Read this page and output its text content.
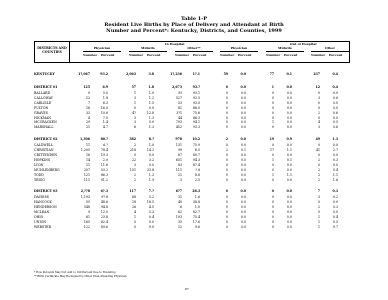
Table 1-P
Resident Live Births by Place of Delivery and Attendant at Birth
Number and Percent*: Kentucky, Districts, and Counties, 1999
DISTRICTS AND COUNTIES
In Hospital	Out of Hospital
Physician	Midwife	Other**	Physician	Midwife	Other
Number Percent	Number Percent	Number Percent	Number Percent	Number Percent	Number Percent
KENTUCKY	1?,067	93.2	2,063	3.8	1?,236	1?.1	59	0.0	77	0.1	237	0.4
DISTRICT 01	125	6.9	57	1.8	2,673	93.?	0	0.0	1	0.0	12	0.4
BALLARD	0	5.0	1	1.0	93	93.1	0	0.0	0	0.0	0	0.0
CALLOWAY	12	1.8	3	1.2	527	93.5	0	0.0	0	0.0	3	0.6
CARLISLE	7	6.3	1	1.5	53	93.0	0	0.0	0	0.0	0	0.0
FULTON	16	16.0	0	0.0	81	88.0	0	0.0	0	0.0	0	0.0
GRAVES	33	10.6	4?	12.8	3?1	75.6	0	0.0	0	0.0	2	0.6
HICKMAN	4	7.0	3	1.3	44	86.3	0	0.0	0	0.0	0	0.0
MCCRACKEN	29	1.4	3	0.0	793	94.1	0	0.0	1	0.0	4	0.5
MARSHALL	21	4.7	6	1.3	452	93.3	0	0.0	0	0.0	3	0.6
DISTRICT 02	1,306	80.?	382	8.?	978	10.2	2	0.0	19	0.9	49	1.3
CALDWELL	11	6.?	2	1.0	131	75.9	0	0.0	0	0.0	0	0.0
CHRISTIAN	1,205	78.4	218	14.2	99	6.5	2	0.1	17	1.1	41	2.7
CRITTENDEN	16	19.3	0	0.0	67	80.7	0	0.0	0	0.0	0	0.0
HOPKINS	14	2.0	22	3.2	651	94.3	0	0.0	1	0.1	2	0.3
LYON	11	11.6	3	0.0	83	87.4	0	0.0	0	0.0	0	0.0
MUHLENBERG	207	53.2	151	33.8	111	?.8	0	0.0	0	0.0	2	0.4
TODD	121	86.3	2	1.3	21	8.8	0	0.0	1	1.1	2	1.1
TRIGG	111	91.2	2	1.9	3	2.5	0	0.0	0	0.0	2	1.6
DISTRICT 03	2,??8	6?.3	117	7.?	6?7	28.3	0	0.0	0	0.0	7	0.3
DAVIESS	1,193	9?.8	68	5.2	31	1.6	0	0.0	0	0.0	3	0.2
HANCOCK	55	48.6	18	18.5	40	38.8	0	0.0	0	0.0	0	0.0
HENDERSON	548	94.8	26	4.5	6	1.0	0	0.0	0	0.0	2	0.3
MCLEAN	9	12.0	4	5.3	62	82.7	0	0.0	0	0.0	0	0.0
OHIO	61	23.8	1	0.4	193	75.4	0	0.0	0	0.0	1	0.4
UNION	165	82.4	0	0.0	35	17.6	0	0.0	0	0.0	1	0.5
WEBSTER	122	89.6	0	0.0	12	9.6	0	0.0	0	0.0	1	0.7
* Row Percents May Not Add to 100 Percent Due to Rounding
** Birth Certificate May Be Signed by Other Than Attending Physician
87
